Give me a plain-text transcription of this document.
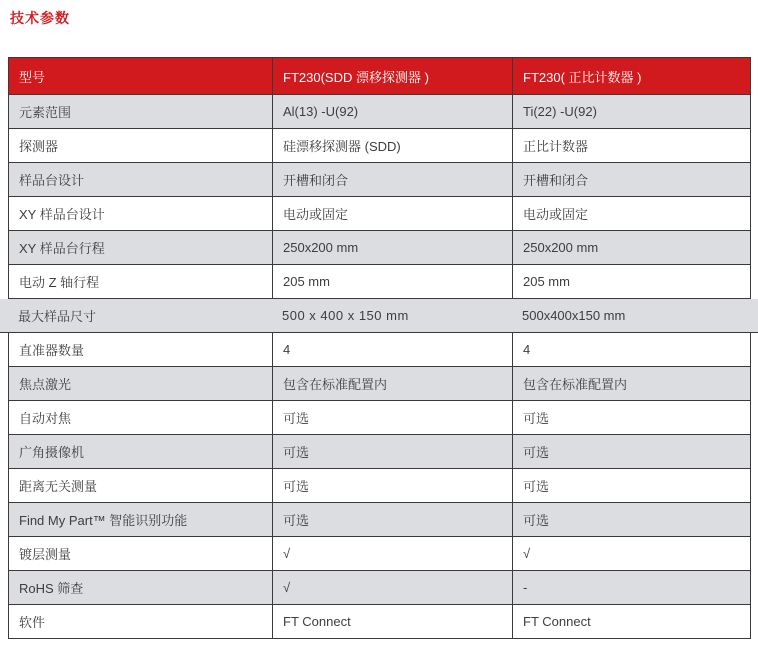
技术参数
型号	FT230(SDD 漂移探测器 )	FT230( 正比计数器 )
元素范围	Al(13) -U(92)	Ti(22) -U(92)
探测器	硅漂移探测器 (SDD)	正比计数器
样品台设计	开槽和闭合	开槽和闭合
XY 样品台设计	电动或固定	电动或固定
XY 样品台行程	250x200 mm	250x200 mm
电动 Z 轴行程	205 mm	205 mm
最大样品尺寸	500 x 400 x 150 mm	500x400x150 mm
直准器数量	4	4
焦点激光	包含在标准配置内	包含在标准配置内
自动对焦	可选	可选
广角摄像机	可选	可选
距离无关测量	可选	可选
Find My Part™ 智能识别功能	可选	可选
镀层测量	√	√
RoHS 筛查	√	-
软件	FT Connect	FT Connect
